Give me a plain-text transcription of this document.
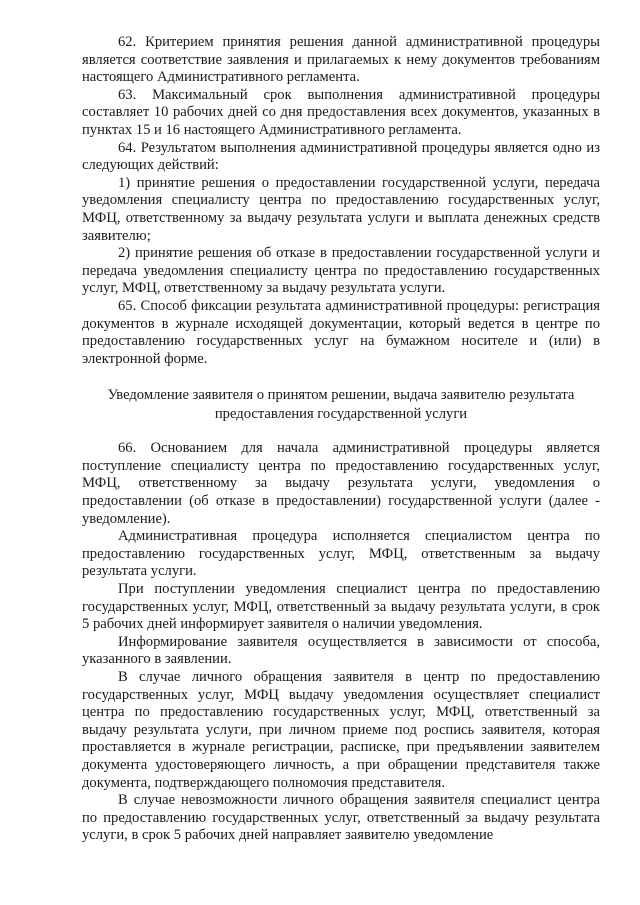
62. Критерием принятия решения данной административной процедуры является соответствие заявления и прилагаемых к нему документов требованиям настоящего Административного регламента.

63. Максимальный срок выполнения административной процедуры составляет 10 рабочих дней со дня предоставления всех документов, указанных в пунктах 15 и 16 настоящего Административного регламента.

64. Результатом выполнения административной процедуры является одно из следующих действий:

1) принятие решения о предоставлении государственной услуги, передача уведомления специалисту центра по предоставлению государственных услуг, МФЦ, ответственному за выдачу результата услуги и выплата денежных средств заявителю;

2) принятие решения об отказе в предоставлении государственной услуги и передача уведомления специалисту центра по предоставлению государственных услуг, МФЦ, ответственному за выдачу результата услуги.

65. Способ фиксации результата административной процедуры: регистрация документов в журнале исходящей документации, который ведется в центре по предоставлению государственных услуг на бумажном носителе и (или) в электронной форме.

Уведомление заявителя о принятом решении, выдача заявителю результата
предоставления государственной услуги

66. Основанием для начала административной процедуры является поступление специалисту центра по предоставлению государственных услуг, МФЦ, ответственному за выдачу результата услуги, уведомления о предоставлении (об отказе в предоставлении) государственной услуги (далее - уведомление).

Административная процедура исполняется специалистом центра по предоставлению государственных услуг, МФЦ, ответственным за выдачу результата услуги.

При поступлении уведомления специалист центра по предоставлению государственных услуг, МФЦ, ответственный за выдачу результата услуги, в срок 5 рабочих дней информирует заявителя о наличии уведомления.

Информирование заявителя осуществляется в зависимости от способа, указанного в заявлении.

В случае личного обращения заявителя в центр по предоставлению государственных услуг, МФЦ выдачу уведомления осуществляет специалист центра по предоставлению государственных услуг, МФЦ, ответственный за выдачу результата услуги, при личном приеме под роспись заявителя, которая проставляется в журнале регистрации, расписке, при предъявлении заявителем документа удостоверяющего личность, а при обращении представителя также документа, подтверждающего полномочия представителя.

В случае невозможности личного обращения заявителя специалист центра по предоставлению государственных услуг, ответственный за выдачу результата услуги, в срок 5 рабочих дней направляет заявителю уведомление
